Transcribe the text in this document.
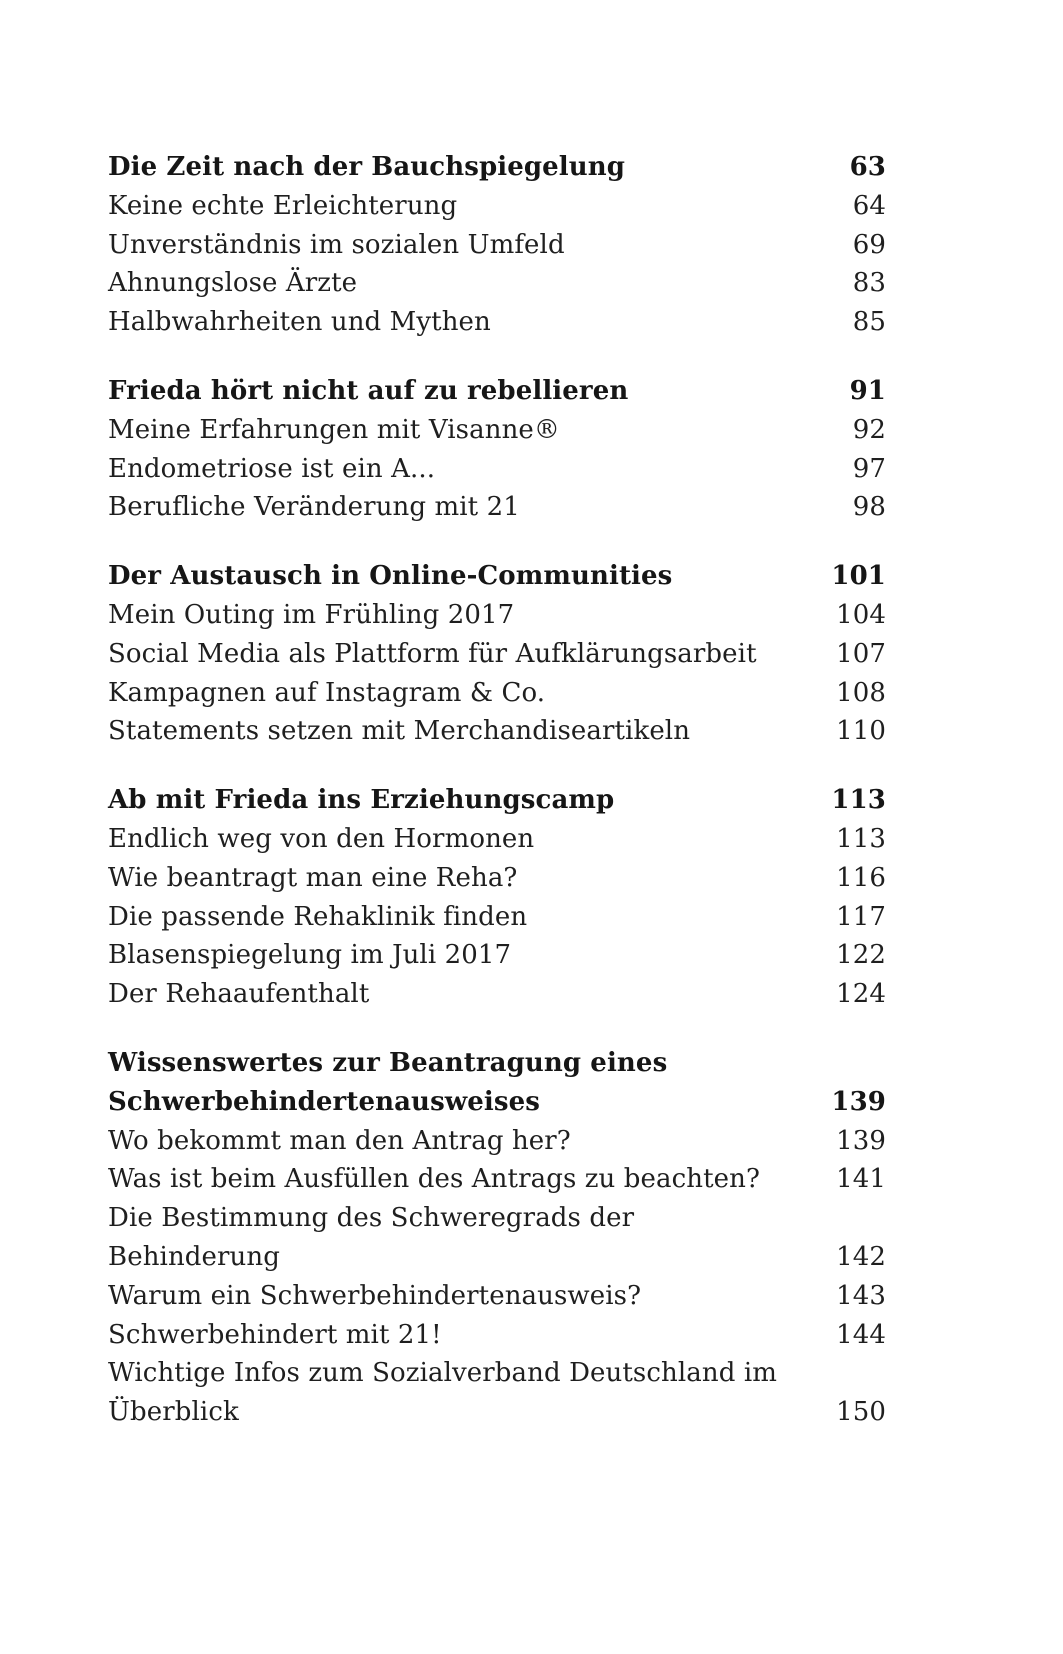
Die Zeit nach der Bauchspiegelung	63
Keine echte Erleichterung	64
Unverständnis im sozialen Umfeld	69
Ahnungslose Ärzte	83
Halbwahrheiten und Mythen	85
Frieda hört nicht auf zu rebellieren	91
Meine Erfahrungen mit Visanne®	92
Endometriose ist ein A...	97
Berufliche Veränderung mit 21	98
Der Austausch in Online-Communities	101
Mein Outing im Frühling 2017	104
Social Media als Plattform für Aufklärungsarbeit	107
Kampagnen auf Instagram & Co.	108
Statements setzen mit Merchandiseartikeln	110
Ab mit Frieda ins Erziehungscamp	113
Endlich weg von den Hormonen	113
Wie beantragt man eine Reha?	116
Die passende Rehaklinik finden	117
Blasenspiegelung im Juli 2017	122
Der Rehaaufenthalt	124
Wissenswertes zur Beantragung eines Schwerbehindertenausweises	139
Wo bekommt man den Antrag her?	139
Was ist beim Ausfüllen des Antrags zu beachten?	141
Die Bestimmung des Schweregrads der Behinderung	142
Warum ein Schwerbehindertenausweis?	143
Schwerbehindert mit 21!	144
Wichtige Infos zum Sozialverband Deutschland im Überblick	150
